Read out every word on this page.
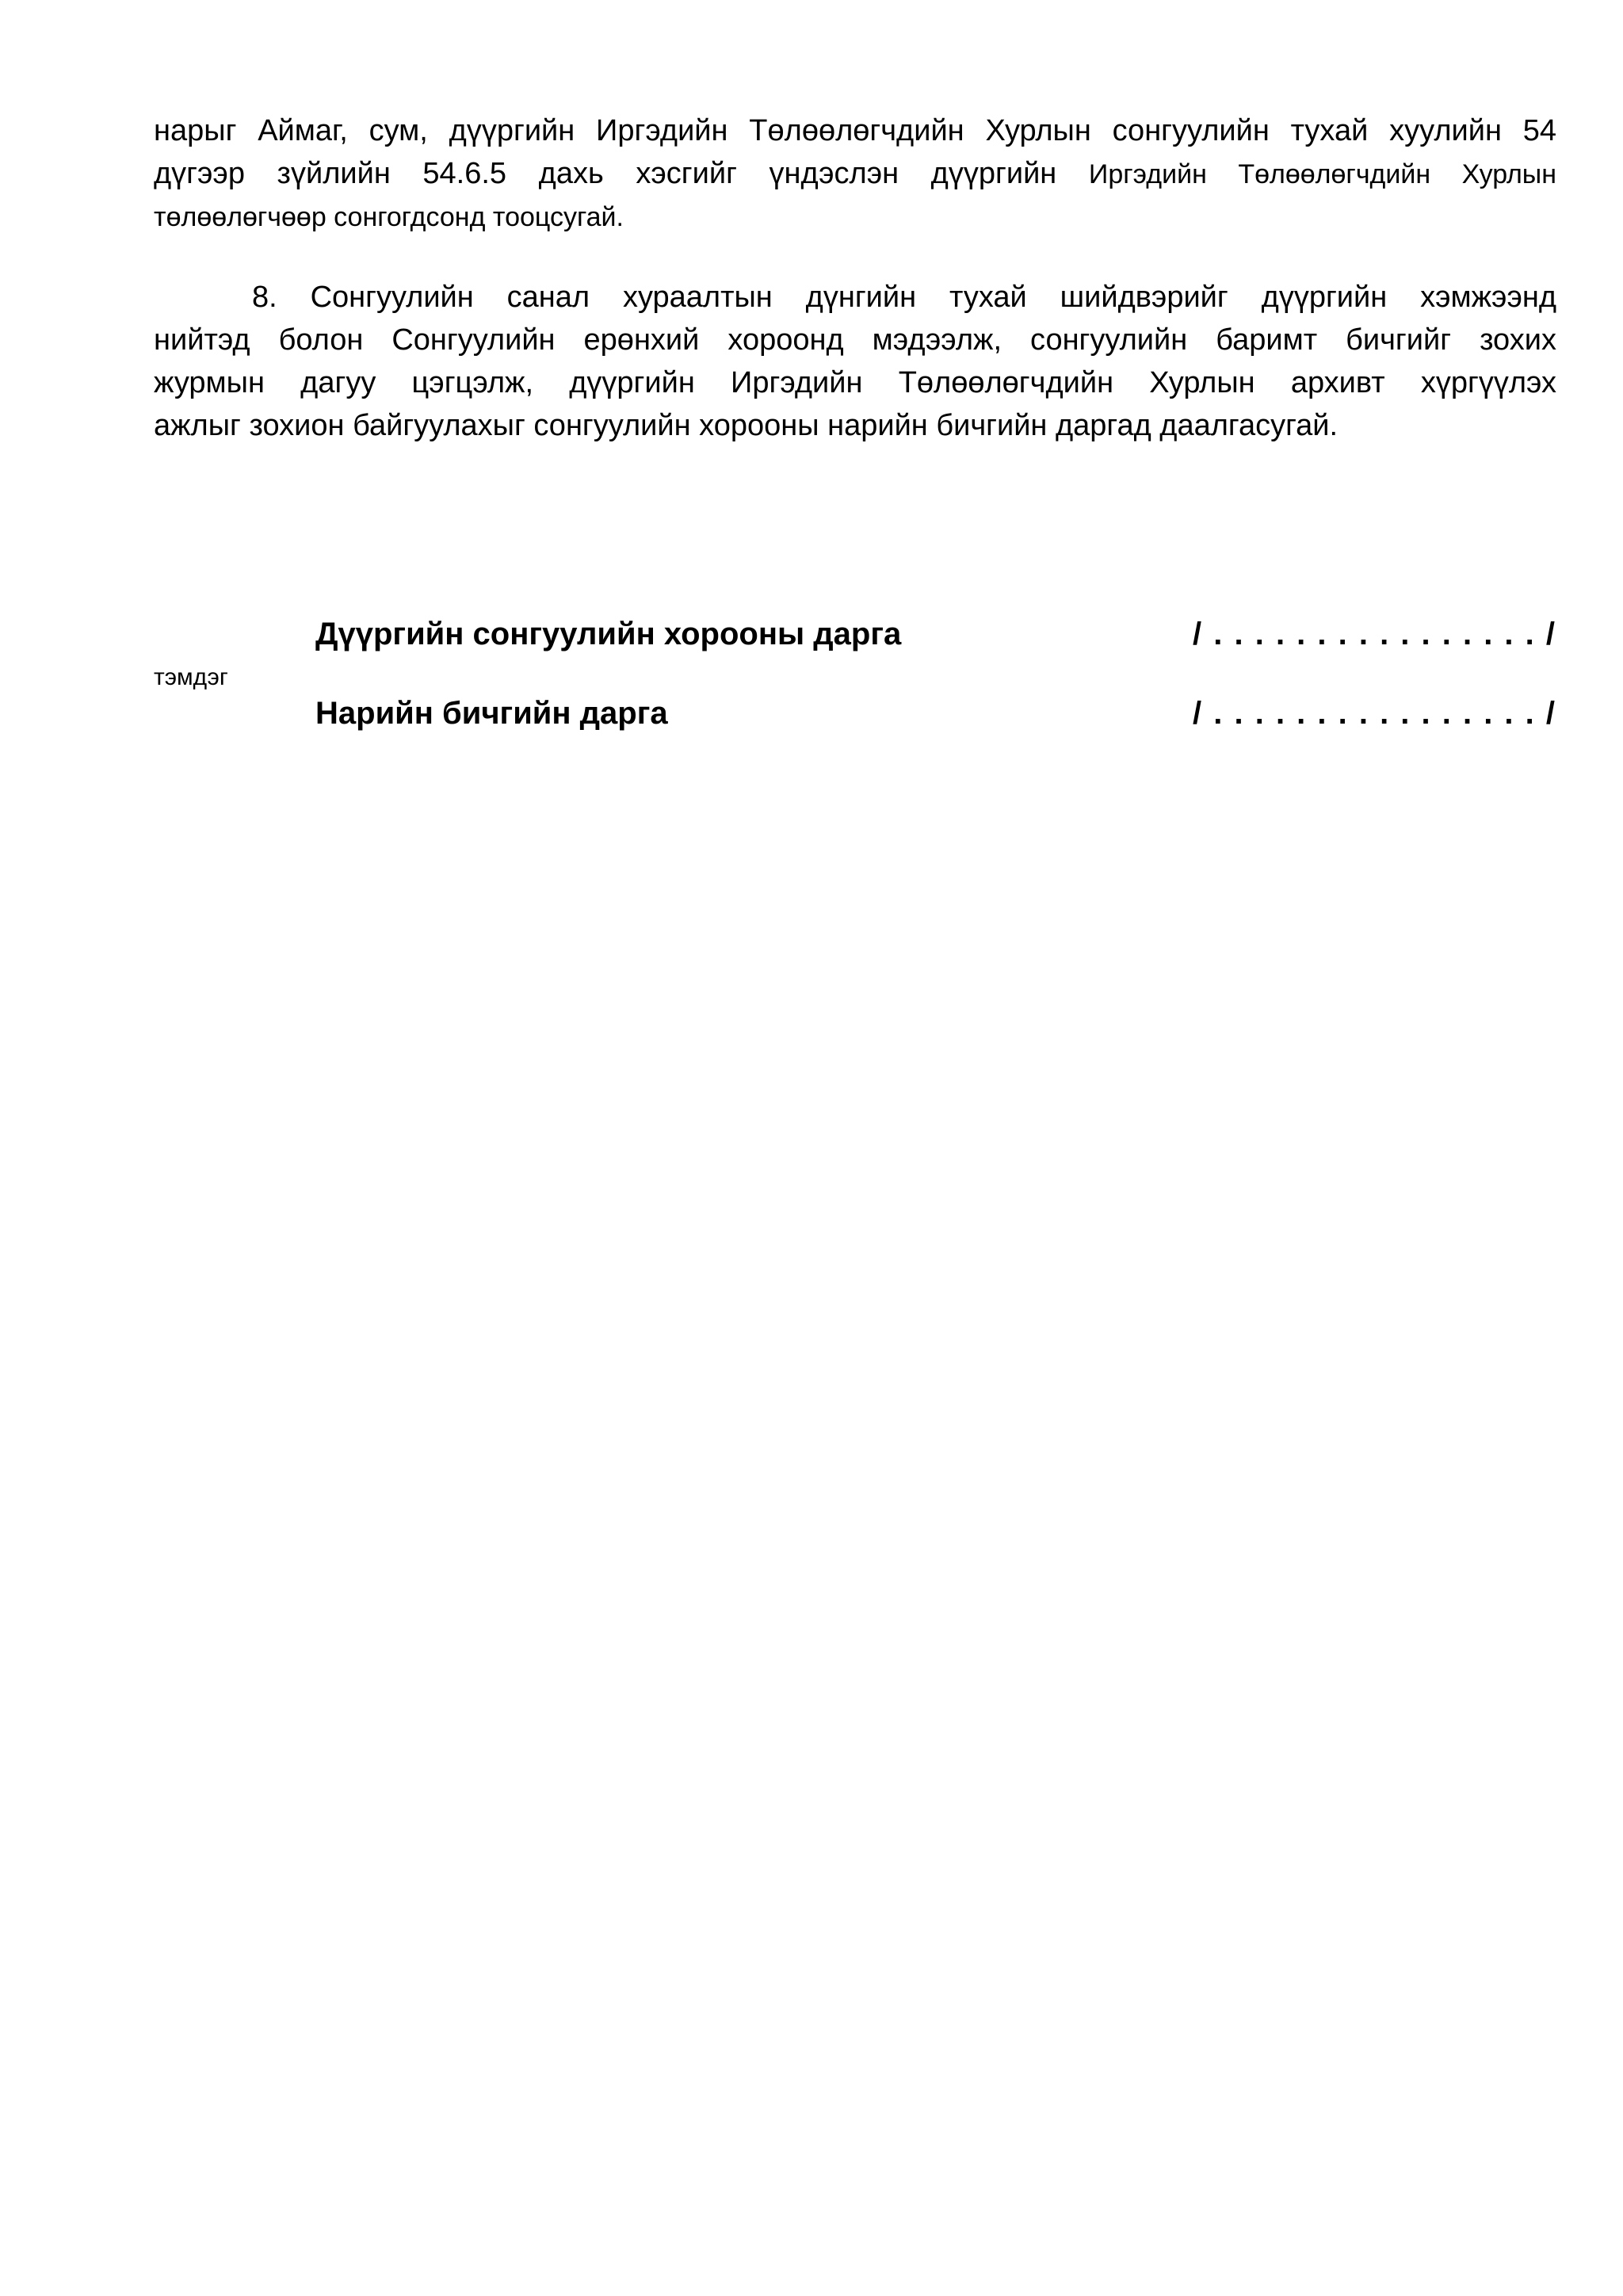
нарыг Аймаг, сум, дүүргийн Иргэдийн Төлөөлөгчдийн Хурлын сонгуулийн тухай хуулийн 54
дүгээр зүйлийн 54.6.5 дахь хэсгийг үндэслэн дүүргийн Иргэдийн Төлөөлөгчдийн Хурлын
төлөөлөгчөөр сонгогдсонд тооцсугай.
8. Сонгуулийн санал хураалтын дүнгийн тухай шийдвэрийг дүүргийн хэмжээнд
нийтэд болон Сонгуулийн ерөнхий хороонд мэдээлж, сонгуулийн баримт бичгийг зохих
журмын дагуу цэгцэлж, дүүргийн Иргэдийн Төлөөлөгчдийн Хурлын архивт хүргүүлэх
ажлыг зохион байгуулахыг сонгуулийн хорооны нарийн бичгийн даргад даалгасугай.
Дүүргийн сонгуулийн хорооны дарга	/ . . . . . . . . . . . . . . . . /
тэмдэг
Нарийн бичгийн дарга	/ . . . . . . . . . . . . . . . . /
